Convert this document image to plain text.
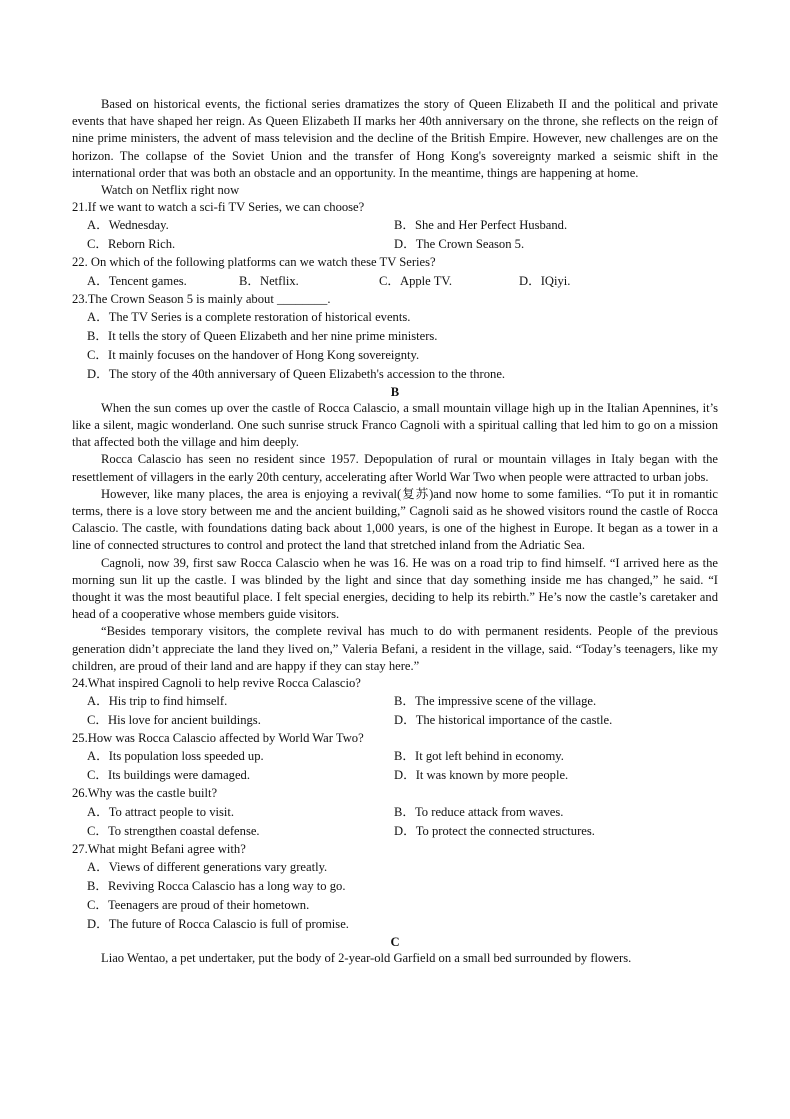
Based on historical events, the fictional series dramatizes the story of Queen Elizabeth II and the political and private events that have shaped her reign. As Queen Elizabeth II marks her 40th anniversary on the throne, she reflects on the reign of nine prime ministers, the advent of mass television and the decline of the British Empire. However, new challenges are on the horizon. The collapse of the Soviet Union and the transfer of Hong Kong's sovereignty marked a seismic shift in the international order that was both an obstacle and an opportunity. In the meantime, things are happening at home.

Watch on Netflix right now
21.If we want to watch a sci-fi TV Series, we can choose?
A．Wednesday.	B．She and Her Perfect Husband.
C．Reborn Rich.	D．The Crown Season 5.
22. On which of the following platforms can we watch these TV Series?
A．Tencent games.	B．Netflix.	C．Apple TV.	D．IQiyi.
23.The Crown Season 5 is mainly about ________.
A．The TV Series is a complete restoration of historical events.
B．It tells the story of Queen Elizabeth and her nine prime ministers.
C．It mainly focuses on the handover of Hong Kong sovereignty.
D．The story of the 40th anniversary of Queen Elizabeth's accession to the throne.
B

When the sun comes up over the castle of Rocca Calascio, a small mountain village high up in the Italian Apennines, it’s like a silent, magic wonderland. One such sunrise struck Franco Cagnoli with a spiritual calling that led him to go on a mission that affected both the village and him deeply.

Rocca Calascio has seen no resident since 1957. Depopulation of rural or mountain villages in Italy began with the resettlement of villagers in the early 20th century, accelerating after World War Two when people were attracted to urban jobs.

However, like many places, the area is enjoying a revival(复苏)and now home to some families. “To put it in romantic terms, there is a love story between me and the ancient building,” Cagnoli said as he showed visitors round the castle of Rocca Calascio. The castle, with foundations dating back about 1,000 years, is one of the highest in Europe. It began as a tower in a line of connected structures to control and protect the land that stretched inland from the Adriatic Sea.

Cagnoli, now 39, first saw Rocca Calascio when he was 16. He was on a road trip to find himself. “I arrived here as the morning sun lit up the castle. I was blinded by the light and since that day something inside me has changed,” he said. “I thought it was the most beautiful place. I felt special energies, deciding to help its rebirth.” He’s now the castle’s caretaker and head of a cooperative whose members guide visitors.

“Besides temporary visitors, the complete revival has much to do with permanent residents. People of the previous generation didn’t appreciate the land they lived on,” Valeria Befani, a resident in the village, said. “Today’s teenagers, like my children, are proud of their land and are happy if they can stay here.”

24.What inspired Cagnoli to help revive Rocca Calascio?
A．His trip to find himself.	B．The impressive scene of the village.
C．His love for ancient buildings.	D．The historical importance of the castle.
25.How was Rocca Calascio affected by World War Two?
A．Its population loss speeded up.	B．It got left behind in economy.
C．Its buildings were damaged.	D．It was known by more people.
26.Why was the castle built?
A．To attract people to visit.	B．To reduce attack from waves.
C．To strengthen coastal defense.	D．To protect the connected structures.
27.What might Befani agree with?
A．Views of different generations vary greatly.
B．Reviving Rocca Calascio has a long way to go.
C．Teenagers are proud of their hometown.
D．The future of Rocca Calascio is full of promise.
C

Liao Wentao, a pet undertaker, put the body of 2-year-old Garfield on a small bed surrounded by flowers.
